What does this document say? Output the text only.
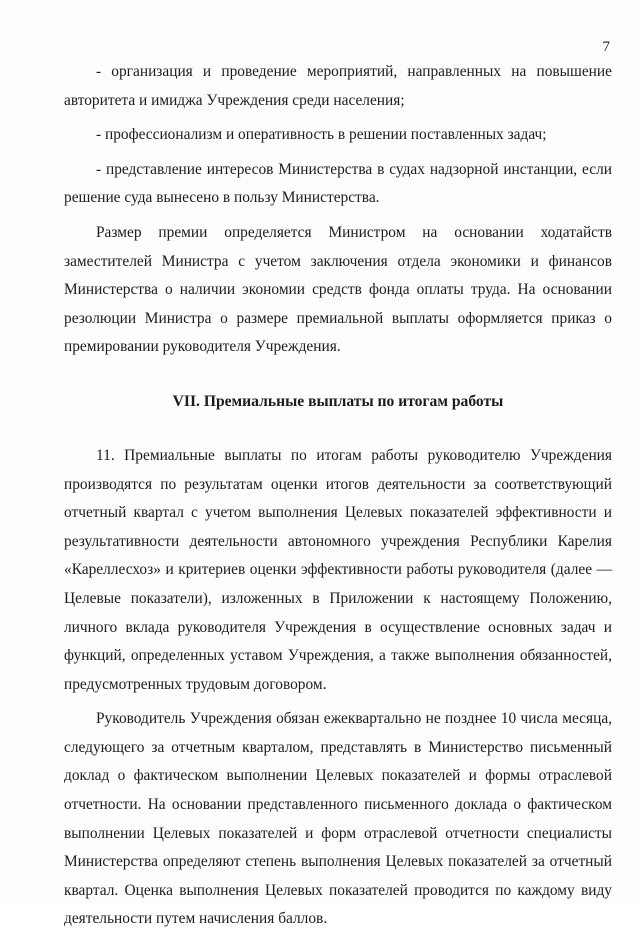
7

- организация и проведение мероприятий, направленных на повышение авторитета и имиджа Учреждения среди населения;

- профессионализм и оперативность в решении поставленных задач;

- представление интересов Министерства в судах надзорной инстанции, если решение суда вынесено в пользу Министерства.

Размер премии определяется Министром на основании ходатайств заместителей Министра с учетом заключения отдела экономики и финансов Министерства о наличии экономии средств фонда оплаты труда. На основании резолюции Министра о размере премиальной выплаты оформляется приказ о премировании руководителя Учреждения.

VII. Премиальные выплаты по итогам работы

11. Премиальные выплаты по итогам работы руководителю Учреждения производятся по результатам оценки итогов деятельности за соответствующий отчетный квартал с учетом выполнения Целевых показателей эффективности и результативности деятельности автономного учреждения Республики Карелия «Кареллесхоз» и критериев оценки эффективности работы руководителя (далее — Целевые показатели), изложенных в Приложении к настоящему Положению, личного вклада руководителя Учреждения в осуществление основных задач и функций, определенных уставом Учреждения, а также выполнения обязанностей, предусмотренных трудовым договором.

Руководитель Учреждения обязан ежеквартально не позднее 10 числа месяца, следующего за отчетным кварталом, представлять в Министерство письменный доклад о фактическом выполнении Целевых показателей и формы отраслевой отчетности. На основании представленного письменного доклада о фактическом выполнении Целевых показателей и форм отраслевой отчетности специалисты Министерства определяют степень выполнения Целевых показателей за отчетный квартал. Оценка выполнения Целевых показателей проводится по каждому виду деятельности путем начисления баллов.
